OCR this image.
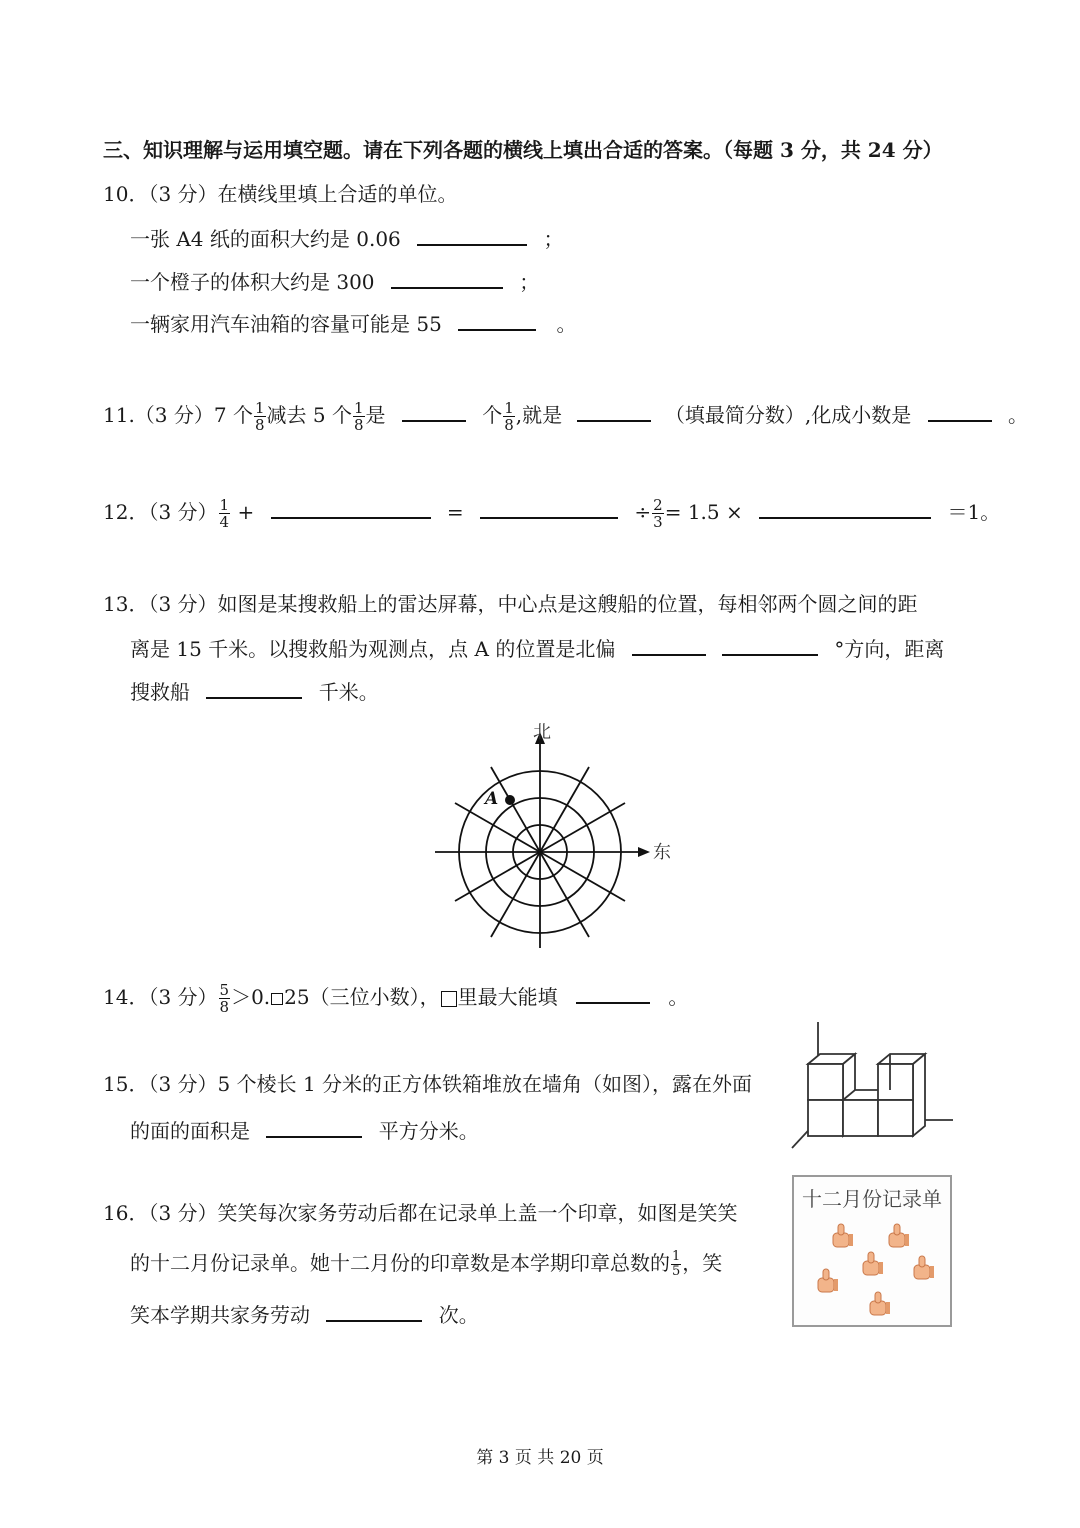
三、知识理解与运用填空题。请在下列各题的横线上填出合适的答案。（每题 3 分，共 24 分）
10．（3 分）在横线里填上合适的单位。
一张 A4 纸的面积大约是 0.06	；
一个橙子的体积大约是 300	；
一辆家用汽车油箱的容量可能是 55	。
11.（3 分）7 个 $\frac{1}{8}$ 减去 5 个 $\frac{1}{8}$ 是	个 $\frac{1}{8}$ ,就是	（填最简分数）,化成小数是	。
12．（3 分） $\frac{1}{4}$ +	=	÷ $\frac{2}{3} = 1.5$ ×	＝1。
13．（3 分）如图是某搜救船上的雷达屏幕，中心点是这艘船的位置，每相邻两个圆之间的距
离是 15 千米。以搜救船为观测点，点 A 的位置是北偏	°方向，距离
搜救船	千米。
北
东
A
14．（3 分） $\frac{5}{8} >0$. 25（三位小数）， 里最大能填	。
15．（3 分）5 个棱长 1 分米的正方体铁箱堆放在墙角（如图），露在外面
的面的面积是	平方分米。
16．（3 分）笑笑每次家务劳动后都在记录单上盖一个印章，如图是笑笑
的十二月份记录单。她十二月份的印章数是本学期印章总数的 $\frac{1}{5}$ ，笑
笑本学期共家务劳动	次。
十二月份记录单
第 3 页 共 20 页
